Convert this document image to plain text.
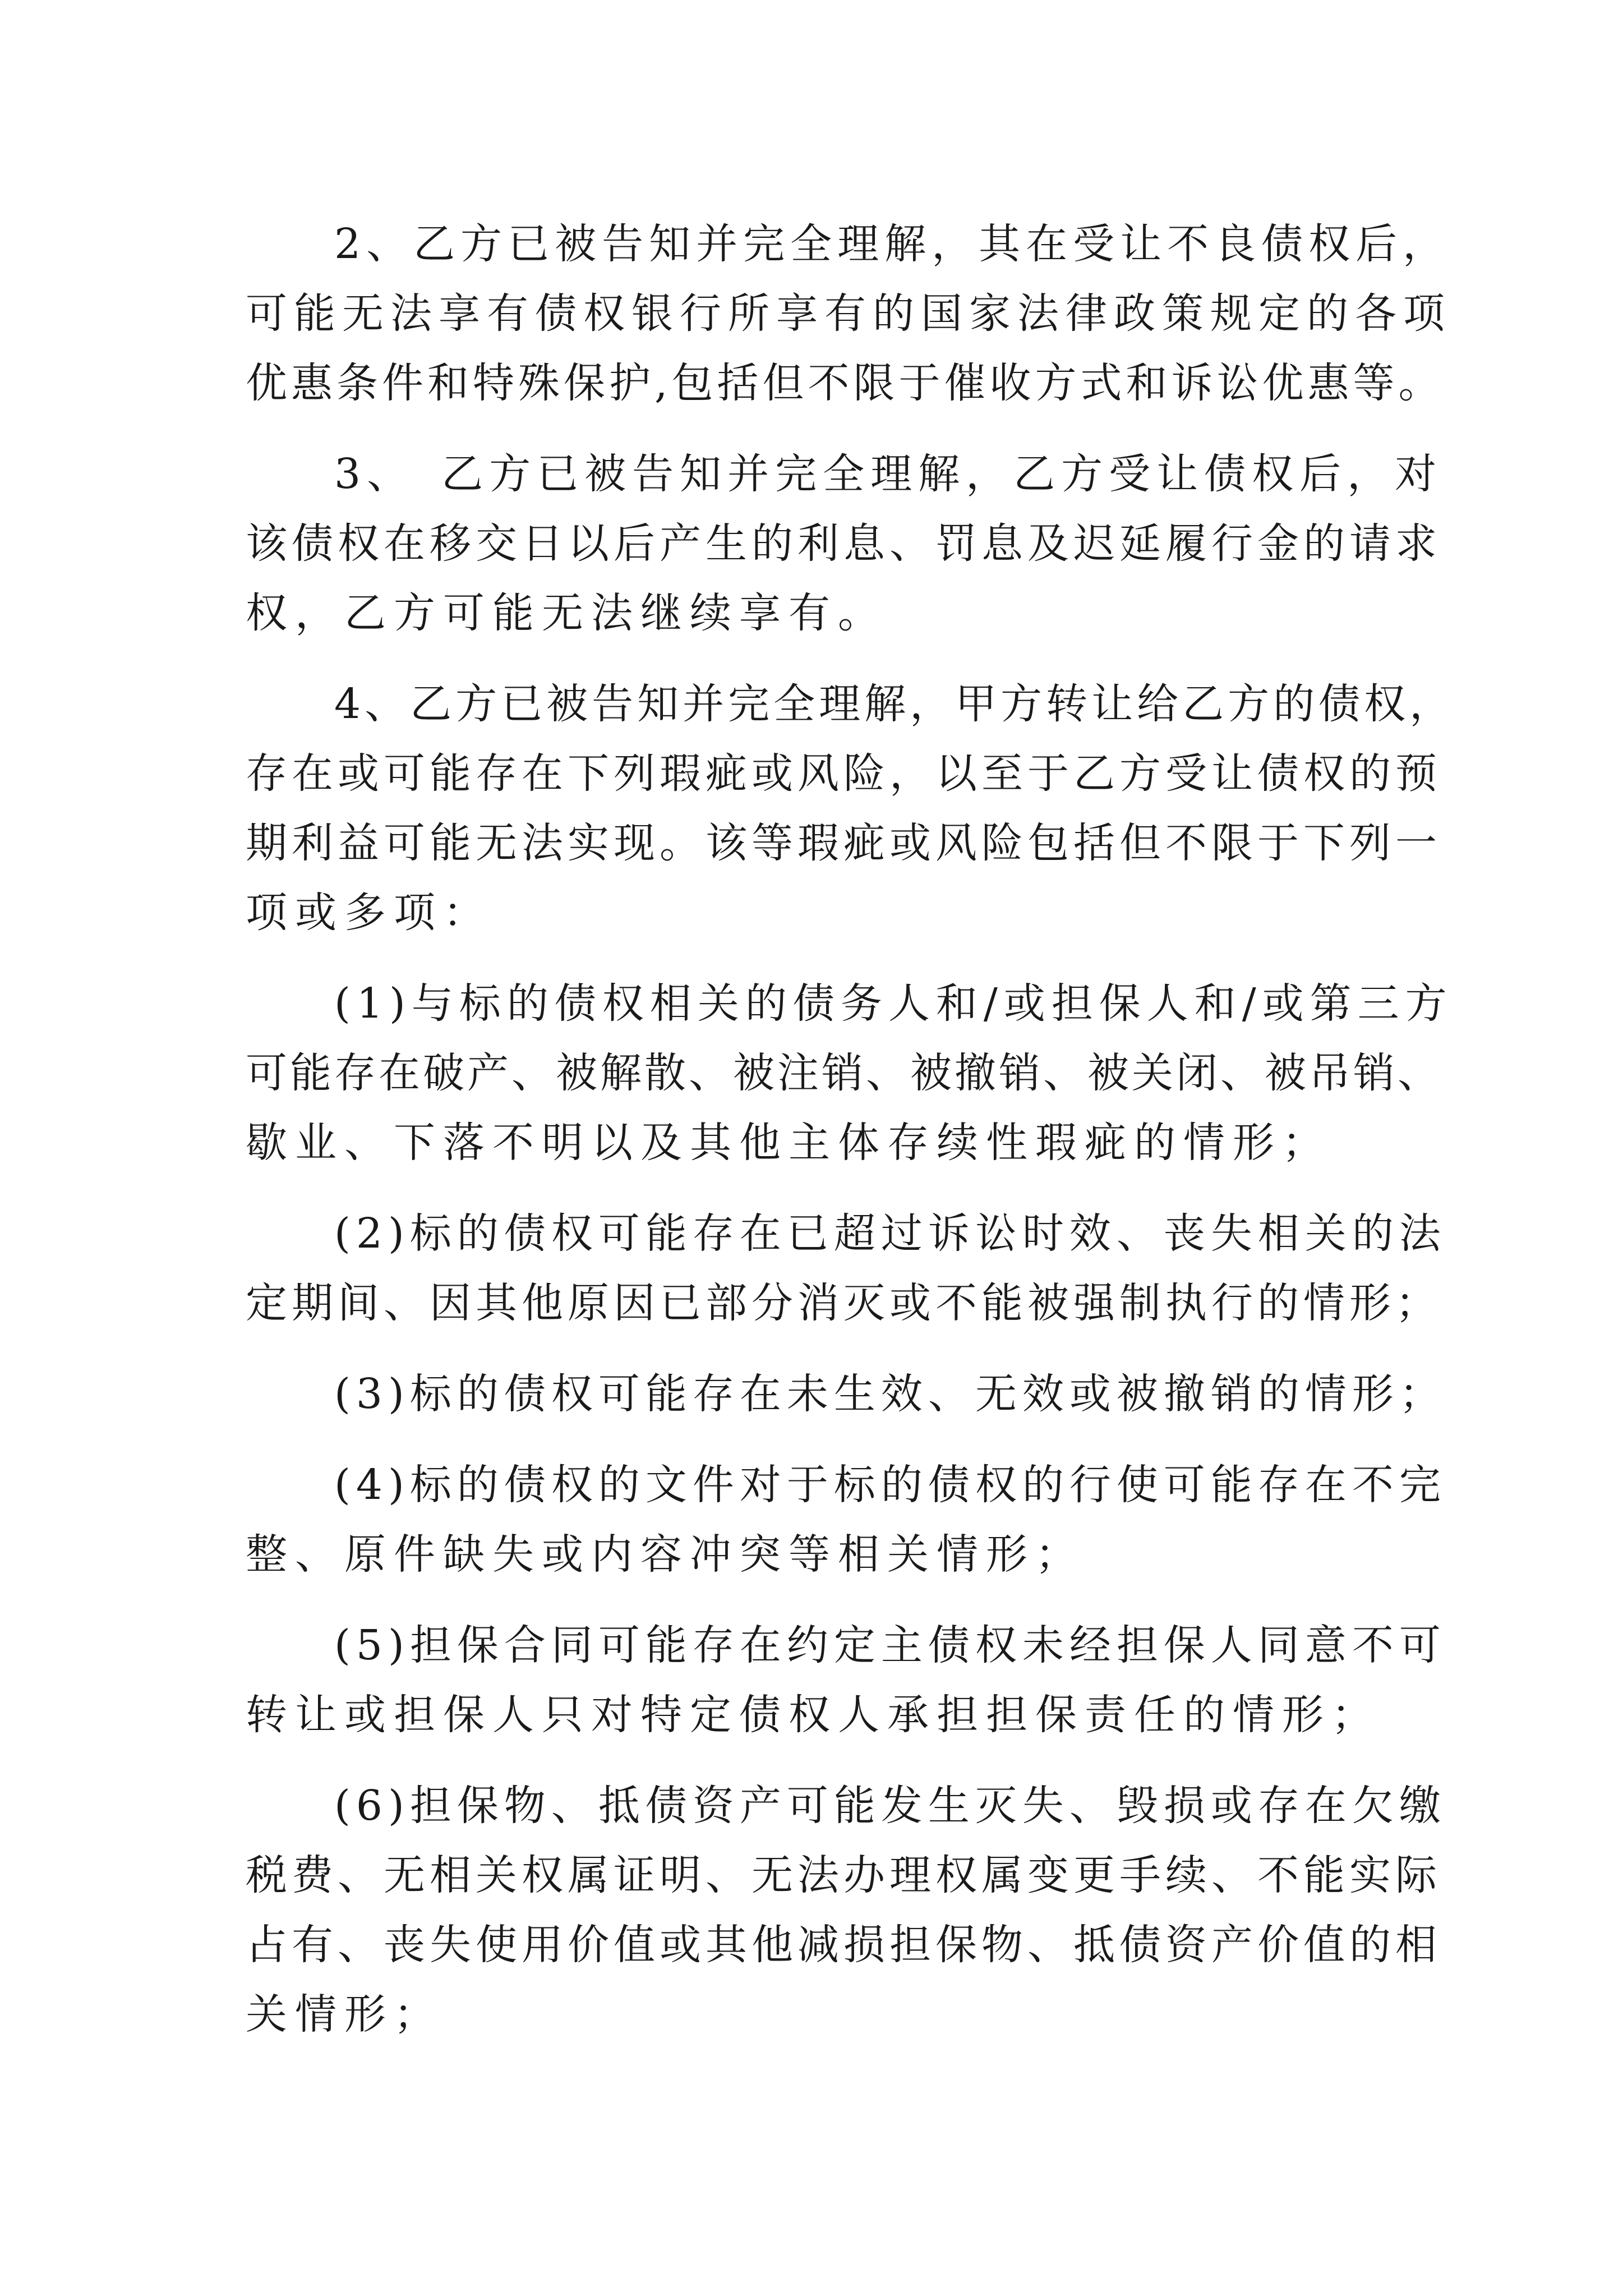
2、乙方已被告知并完全理解，其在受让不良债权后，
可能无法享有债权银行所享有的国家法律政策规定的各项
优惠条件和特殊保护,包括但不限于催收方式和诉讼优惠等。
3、　乙方已被告知并完全理解，乙方受让债权后，对
该债权在移交日以后产生的利息、罚息及迟延履行金的请求
权，乙方可能无法继续享有。
4、乙方已被告知并完全理解，甲方转让给乙方的债权，
存在或可能存在下列瑕疵或风险，以至于乙方受让债权的预
期利益可能无法实现。该等瑕疵或风险包括但不限于下列一
项或多项：
(1)与标的债权相关的债务人和/或担保人和/或第三方
可能存在破产、被解散、被注销、被撤销、被关闭、被吊销、
歇业、下落不明以及其他主体存续性瑕疵的情形；
(2)标的债权可能存在已超过诉讼时效、丧失相关的法
定期间、因其他原因已部分消灭或不能被强制执行的情形；
(3)标的债权可能存在未生效、无效或被撤销的情形；
(4)标的债权的文件对于标的债权的行使可能存在不完
整、原件缺失或内容冲突等相关情形；
(5)担保合同可能存在约定主债权未经担保人同意不可
转让或担保人只对特定债权人承担担保责任的情形；
(6)担保物、抵债资产可能发生灭失、毁损或存在欠缴
税费、无相关权属证明、无法办理权属变更手续、不能实际
占有、丧失使用价值或其他减损担保物、抵债资产价值的相
关情形；
